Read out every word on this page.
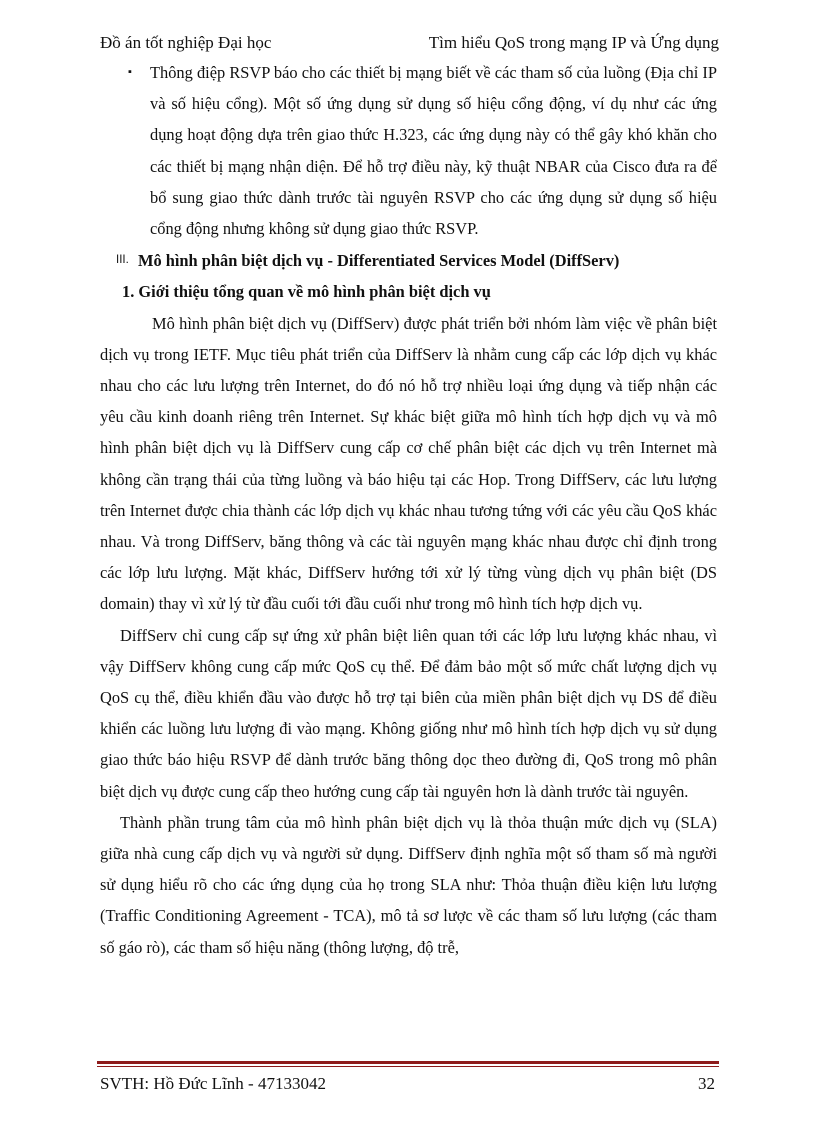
Đồ án tốt nghiệp Đại học	Tìm hiểu QoS trong mạng IP và Ứng dụng
▪ Thông điệp RSVP báo cho các thiết bị mạng biết về các tham số của luồng (Địa chỉ IP và số hiệu cổng). Một số ứng dụng sử dụng số hiệu cổng động, ví dụ như các ứng dụng hoạt động dựa trên giao thức H.323, các ứng dụng này có thể gây khó khăn cho các thiết bị mạng nhận diện. Để hỗ trợ điều này, kỹ thuật NBAR của Cisco đưa ra để bổ sung giao thức dành trước tài nguyên RSVP cho các ứng dụng sử dụng số hiệu cổng động nhưng không sử dụng giao thức RSVP.
III. Mô hình phân biệt dịch vụ - Differentiated Services Model (DiffServ)
1. Giới thiệu tổng quan về mô hình phân biệt dịch vụ

Mô hình phân biệt dịch vụ (DiffServ) được phát triển bởi nhóm làm việc về phân biệt dịch vụ trong IETF. Mục tiêu phát triển của DiffServ là nhằm cung cấp các lớp dịch vụ khác nhau cho các lưu lượng trên Internet, do đó nó hỗ trợ nhiều loại ứng dụng và tiếp nhận các yêu cầu kinh doanh riêng trên Internet. Sự khác biệt giữa mô hình tích hợp dịch vụ và mô hình phân biệt dịch vụ là DiffServ cung cấp cơ chế phân biệt các dịch vụ trên Internet mà không cần trạng thái của từng luồng và báo hiệu tại các Hop. Trong DiffServ, các lưu lượng trên Internet được chia thành các lớp dịch vụ khác nhau tương tứng với các yêu cầu QoS khác nhau. Và trong DiffServ, băng thông và các tài nguyên mạng khác nhau được chỉ định trong các lớp lưu lượng. Mặt khác, DiffServ hướng tới xử lý từng vùng dịch vụ phân biệt (DS domain) thay vì xử lý từ đầu cuối tới đầu cuối như trong mô hình tích hợp dịch vụ.

DiffServ chỉ cung cấp sự ứng xử phân biệt liên quan tới các lớp lưu lượng khác nhau, vì vậy DiffServ không cung cấp mức QoS cụ thể. Để đảm bảo một số mức chất lượng dịch vụ QoS cụ thể, điều khiển đầu vào được hỗ trợ tại biên của miền phân biệt dịch vụ DS để điều khiển các luồng lưu lượng đi vào mạng. Không giống như mô hình tích hợp dịch vụ sử dụng giao thức báo hiệu RSVP để dành trước băng thông dọc theo đường đi, QoS trong mô phân biệt dịch vụ được cung cấp theo hướng cung cấp tài nguyên hơn là dành trước tài nguyên.

Thành phần trung tâm của mô hình phân biệt dịch vụ là thỏa thuận mức dịch vụ (SLA) giữa nhà cung cấp dịch vụ và người sử dụng. DiffServ định nghĩa một số tham số mà người sử dụng hiểu rõ cho các ứng dụng của họ trong SLA như: Thỏa thuận điều kiện lưu lượng (Traffic Conditioning Agreement - TCA), mô tả sơ lược về các tham số lưu lượng (các tham số gáo rò), các tham số hiệu năng (thông lượng, độ trễ,

SVTH: Hồ Đức Lĩnh - 47133042	32
